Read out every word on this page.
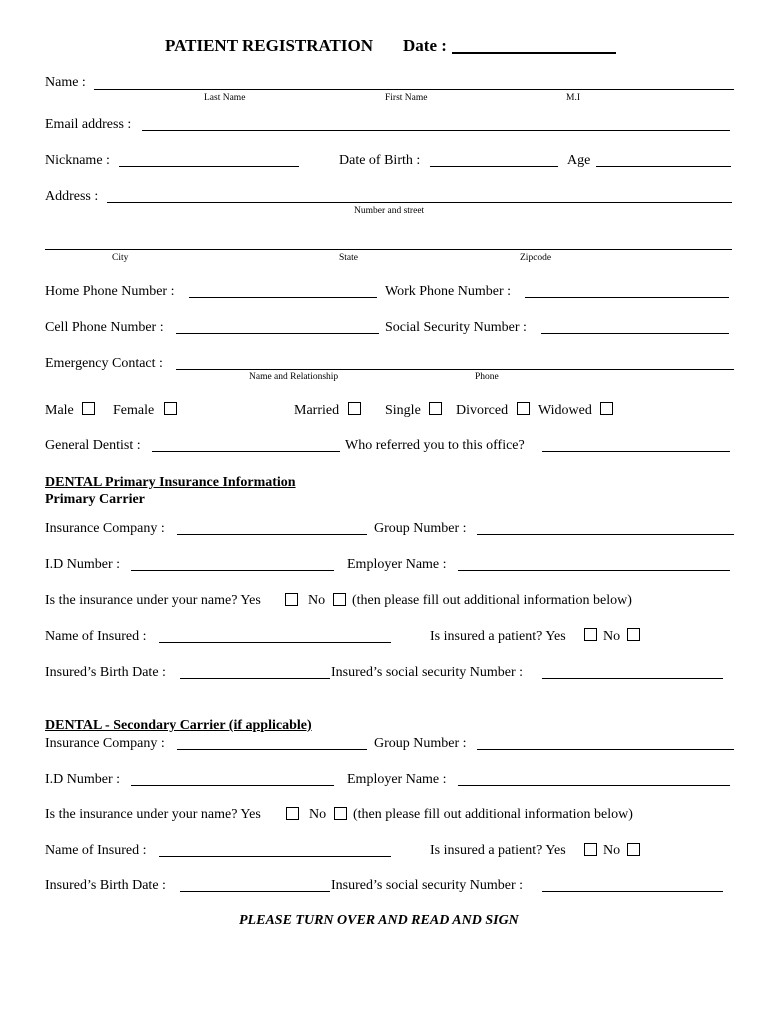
PATIENT REGISTRATION Date :
Name :
Last Name	First Name	M.I
Email address :
Nickname :	Date of Birth :	Age
Address :
Number and street
City	State	Zipcode
Home Phone Number :	Work Phone Number :
Cell Phone Number :	Social Security Number :
Emergency Contact :
Name and Relationship	Phone
Male	Female	Married	Single	Divorced Widowed
General Dentist :	Who referred you to this office?
DENTAL Primary Insurance Information
Primary Carrier
Insurance Company :	Group Number :
I.D Number :	Employer Name :
Is the insurance under your name? Yes	No (then please fill out additional information below)
Name of Insured :	Is insured a patient? Yes	No
Insured’s Birth Date :	Insured’s social security Number :
DENTAL - Secondary Carrier (if applicable)
Insurance Company :	Group Number :
I.D Number :	Employer Name :
Is the insurance under your name? Yes	No (then please fill out additional information below)
Name of Insured :	Is insured a patient? Yes	No
Insured’s Birth Date :	Insured’s social security Number :
PLEASE TURN OVER AND READ AND SIGN
